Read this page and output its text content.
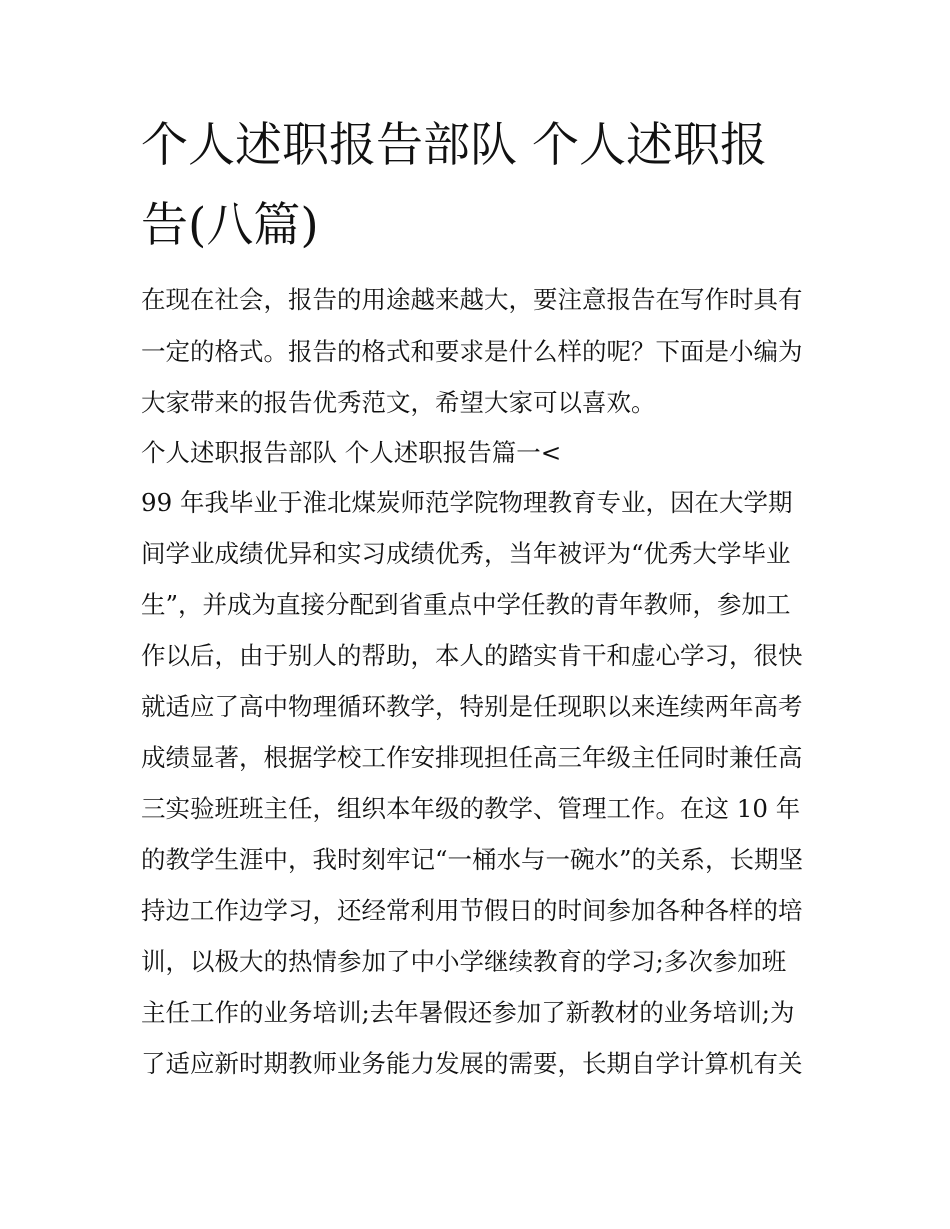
个人述职报告部队 个人述职报
告(八篇)
在现在社会，报告的用途越来越大，要注意报告在写作时具有
一定的格式。报告的格式和要求是什么样的呢？下面是小编为
大家带来的报告优秀范文，希望大家可以喜欢。
个人述职报告部队 个人述职报告篇一<
99 年我毕业于淮北煤炭师范学院物理教育专业，因在大学期
间学业成绩优异和实习成绩优秀，当年被评为“优秀大学毕业
生”，并成为直接分配到省重点中学任教的青年教师，参加工
作以后，由于别人的帮助，本人的踏实肯干和虚心学习，很快
就适应了高中物理循环教学，特别是任现职以来连续两年高考
成绩显著，根据学校工作安排现担任高三年级主任同时兼任高
三实验班班主任，组织本年级的教学、管理工作。在这 10 年
的教学生涯中，我时刻牢记“一桶水与一碗水”的关系，长期坚
持边工作边学习，还经常利用节假日的时间参加各种各样的培
训，以极大的热情参加了中小学继续教育的学习;多次参加班
主任工作的业务培训;去年暑假还参加了新教材的业务培训;为
了适应新时期教师业务能力发展的需要，长期自学计算机有关
